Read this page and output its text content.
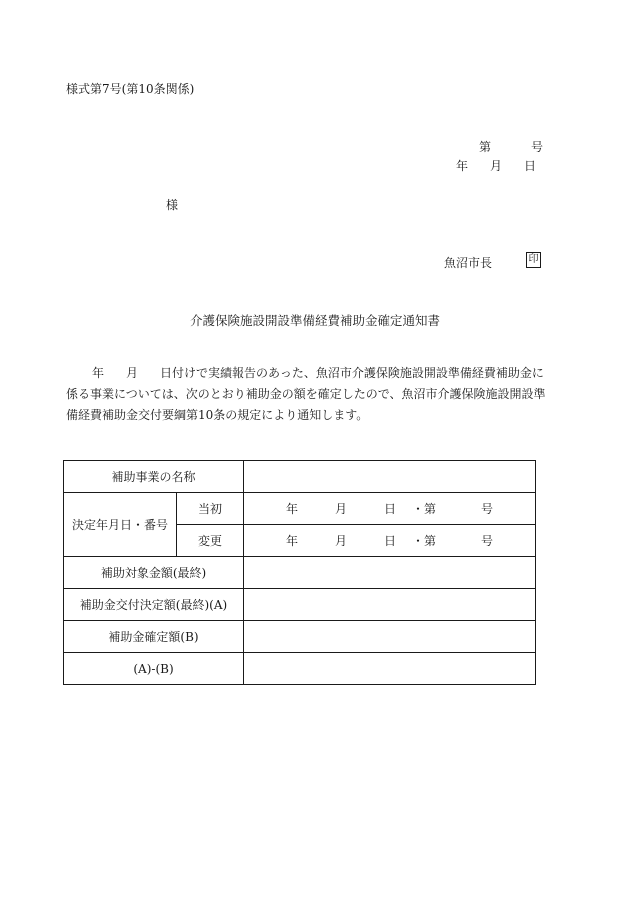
様式第7号(第10条関係)
第	号
年 月 日
様
魚沼市長	印
介護保険施設開設準備経費補助金確定通知書
年 月 日付けで実績報告のあった、魚沼市介護保険施設開設準備経費補助金に
係る事業については、次のとおり補助金の額を確定したので、魚沼市介護保険施設開設準
備経費補助金交付要綱第10条の規定により通知します。
補助事業の名称		
決定年月日・番号	当初	年 月 日 ・第 号

	変更	年 月 日 ・第 号

補助対象金額(最終)		
補助金交付決定額(最終)(A)		
補助金確定額(B)		
(A)-(B)		
